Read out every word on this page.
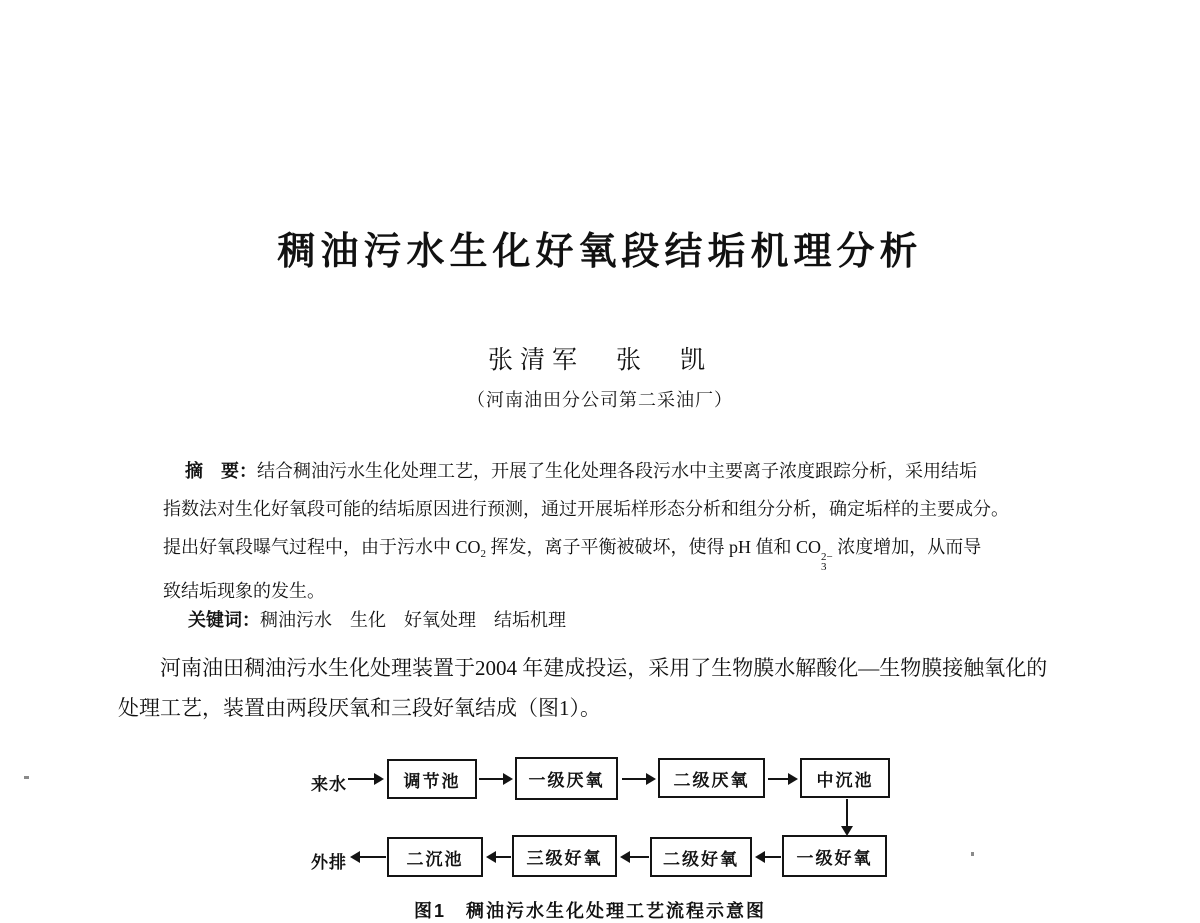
稠油污水生化好氧段结垢机理分析
张清军　张　凯
（河南油田分公司第二采油厂）
摘　要：结合稠油污水生化处理工艺，开展了生化处理各段污水中主要离子浓度跟踪分析，采用结垢
指数法对生化好氧段可能的结垢原因进行预测，通过开展垢样形态分析和组分分析，确定垢样的主要成分。
提出好氧段曝气过程中，由于污水中 $CO_2$ 挥发，离子平衡被破坏，使得 pH 值和 CO 2−
3
浓度增加，从而导
致结垢现象的发生。
关键词：稠油污水　生化　好氧处理　结垢机理
河南油田稠油污水生化处理装置于2004 年建成投运，采用了生物膜水解酸化—生物膜接触氧化的
处理工艺，装置由两段厌氧和三段好氧结成（图1）。
来水	调节池	一级厌氧	二级厌氧	中沉池
外排	二沉池	三级好氧	二级好氧	一级好氧
图1　稠油污水生化处理工艺流程示意图
